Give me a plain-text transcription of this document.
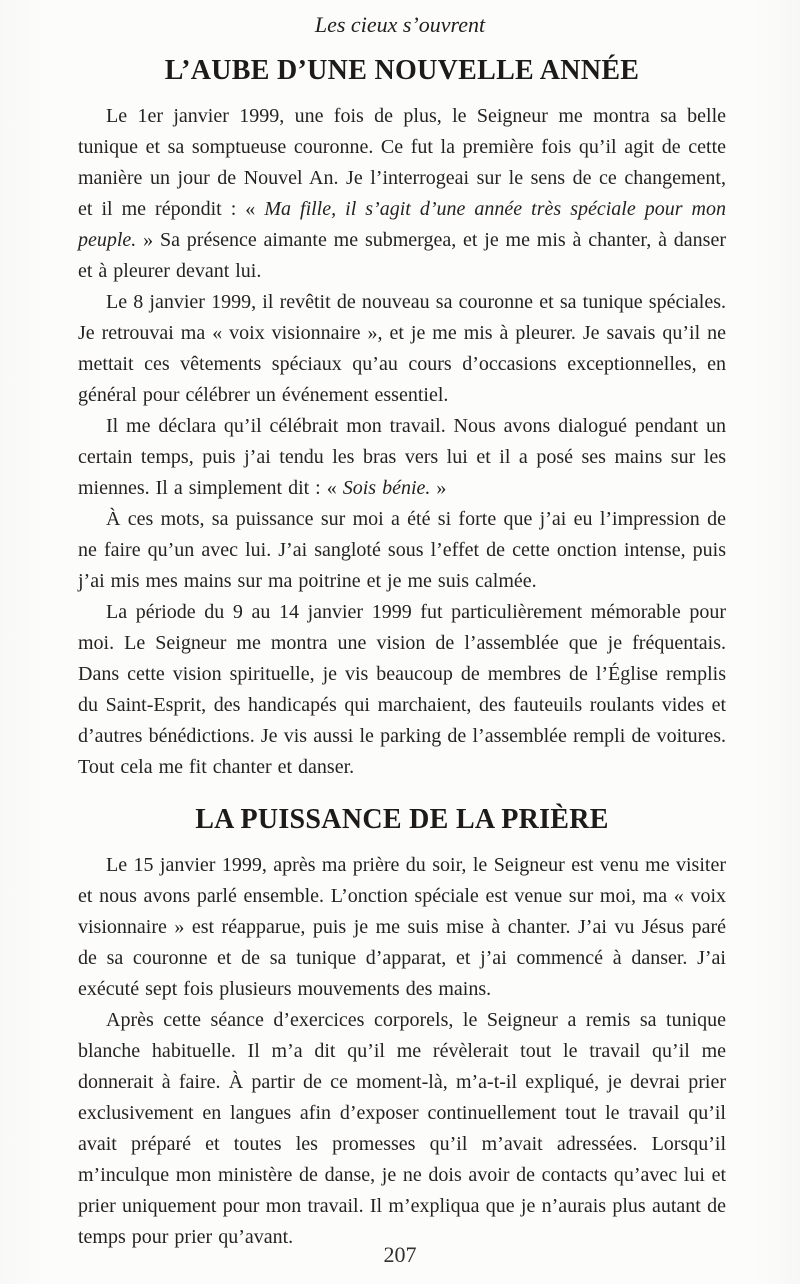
Les cieux s’ouvrent
L’AUBE D’UNE NOUVELLE ANNÉE

Le 1er janvier 1999, une fois de plus, le Seigneur me montra sa belle tunique et sa somptueuse couronne. Ce fut la première fois qu’il agit de cette manière un jour de Nouvel An. Je l’interrogeai sur le sens de ce changement, et il me répondit : « Ma fille, il s’agit d’une année très spéciale pour mon peuple. » Sa présence aimante me submergea, et je me mis à chanter, à danser et à pleurer devant lui.

Le 8 janvier 1999, il revêtit de nouveau sa couronne et sa tunique spéciales. Je retrouvai ma « voix visionnaire », et je me mis à pleurer. Je savais qu’il ne mettait ces vêtements spéciaux qu’au cours d’occasions exceptionnelles, en général pour célébrer un événement essentiel.

Il me déclara qu’il célébrait mon travail. Nous avons dialogué pendant un certain temps, puis j’ai tendu les bras vers lui et il a posé ses mains sur les miennes. Il a simplement dit : « Sois bénie. »

À ces mots, sa puissance sur moi a été si forte que j’ai eu l’impression de ne faire qu’un avec lui. J’ai sangloté sous l’effet de cette onction intense, puis j’ai mis mes mains sur ma poitrine et je me suis calmée.

La période du 9 au 14 janvier 1999 fut particulièrement mémorable pour moi. Le Seigneur me montra une vision de l’assemblée que je fréquentais. Dans cette vision spirituelle, je vis beaucoup de membres de l’Église remplis du Saint-Esprit, des handicapés qui marchaient, des fauteuils roulants vides et d’autres bénédictions. Je vis aussi le parking de l’assemblée rempli de voitures. Tout cela me fit chanter et danser.

LA PUISSANCE DE LA PRIÈRE

Le 15 janvier 1999, après ma prière du soir, le Seigneur est venu me visiter et nous avons parlé ensemble. L’onction spéciale est venue sur moi, ma « voix visionnaire » est réapparue, puis je me suis mise à chanter. J’ai vu Jésus paré de sa couronne et de sa tunique d’apparat, et j’ai commencé à danser. J’ai exécuté sept fois plusieurs mouvements des mains.

Après cette séance d’exercices corporels, le Seigneur a remis sa tunique blanche habituelle. Il m’a dit qu’il me révèlerait tout le travail qu’il me donnerait à faire. À partir de ce moment-là, m’a-t-il expliqué, je devrai prier exclusivement en langues afin d’exposer continuellement tout le travail qu’il avait préparé et toutes les promesses qu’il m’avait adressées. Lorsqu’il m’inculque mon ministère de danse, je ne dois avoir de contacts qu’avec lui et prier uniquement pour mon travail. Il m’expliqua que je n’aurais plus autant de temps pour prier qu’avant.

207
